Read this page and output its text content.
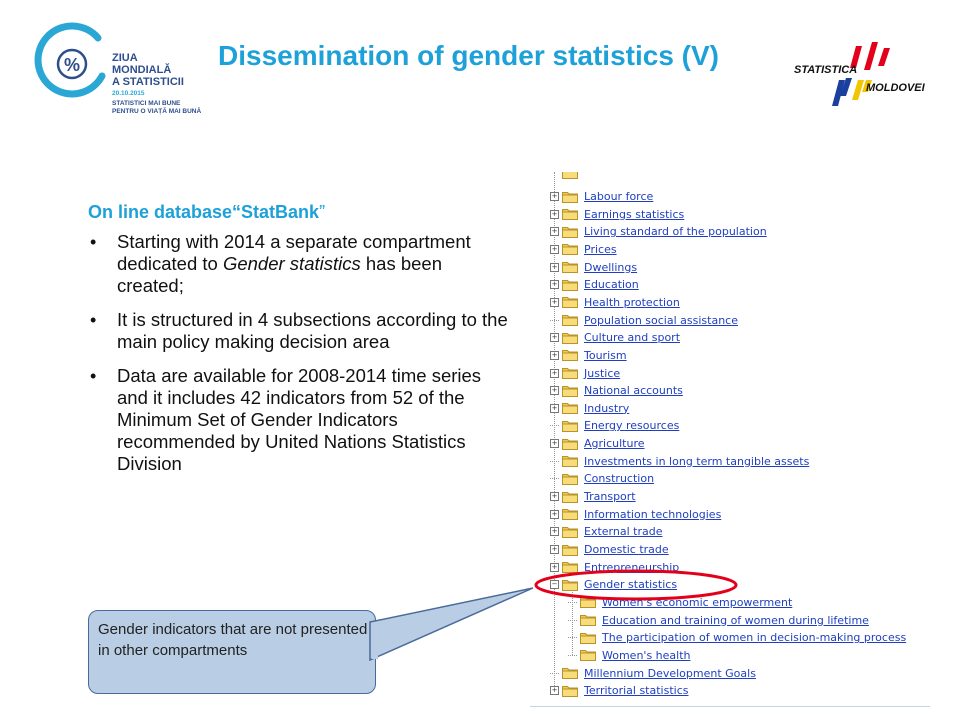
%	ZIUA
MONDIALĂ
A STATISTICII
20.10.2015
STATISTICI MAI BUNE
PENTRU O VIAȚĂ MAI BUNĂ
Dissemination of gender statistics (V)	STATISTICA
MOLDOVEI
On line database“StatBank”
• Starting with 2014 a separate compartment dedicated to Gender statistics has been created;
• It is structured in 4 subsections according to the main policy making decision area
• Data are available for 2008-2014 time series and it includes 42 indicators from 52 of the Minimum Set of Gender Indicators recommended by United Nations Statistics Division
+ Labour force
+ Earnings statistics
+ Living standard of the population
+ Prices
+ Dwellings
+ Education
+ Health protection
Population social assistance
+ Culture and sport
+ Tourism
+ Justice
+ National accounts
+ Industry
Energy resources
+ Agriculture
Investments in long term tangible assets
Construction
+ Transport
+ Information technologies
+ External trade
+ Domestic trade
+ Entrepreneurship
− Gender statistics
Women's economic empowerment
Education and training of women during lifetime
The participation of women in decision-making process
Women's health
Millennium Development Goals
+ Territorial statistics
Gender indicators that are not presented in other compartments
